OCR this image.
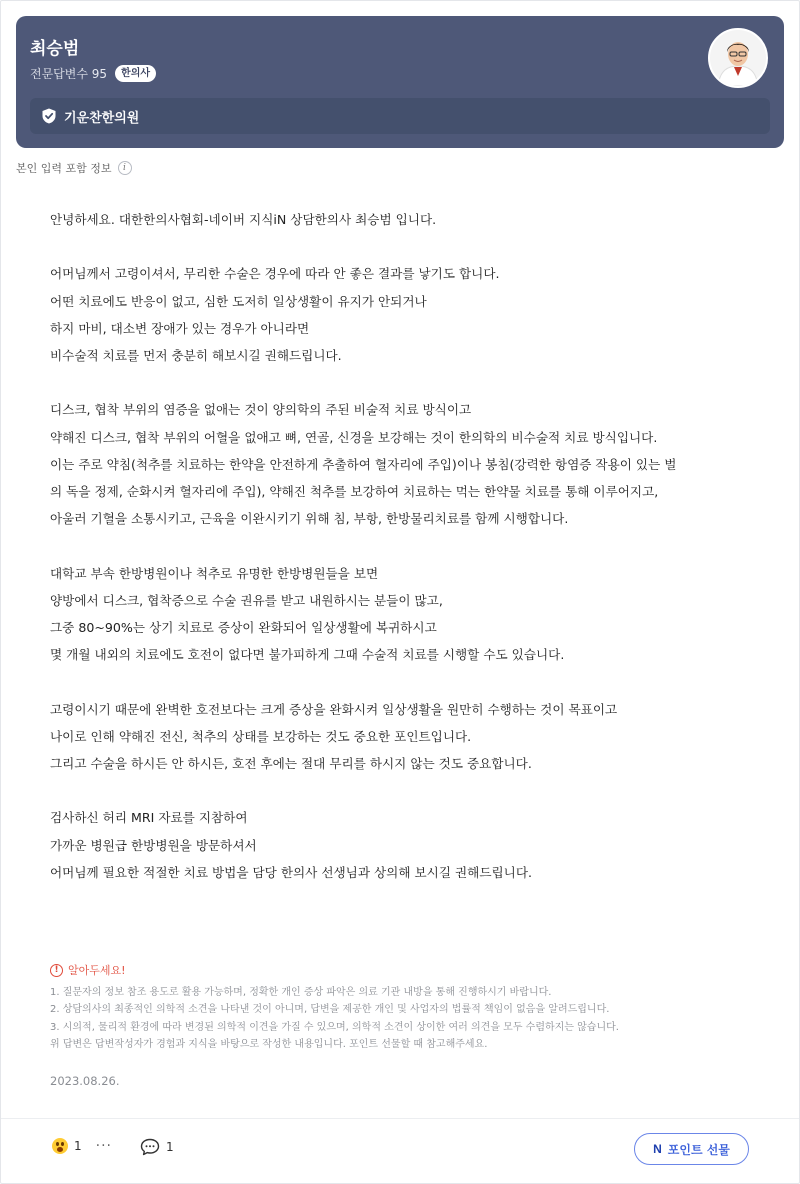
최승범
전문답변수 95	한의사
기운찬한의원
본인 입력 포함 정보	i

안녕하세요. 대한한의사협회-네이버 지식iN 상담한의사 최승범 입니다.

어머님께서 고령이셔서, 무리한 수술은 경우에 따라 안 좋은 결과를 낳기도 합니다.

어떤 치료에도 반응이 없고, 심한 도저히 일상생활이 유지가 안되거나

하지 마비, 대소변 장애가 있는 경우가 아니라면

비수술적 치료를 먼저 충분히 해보시길 권해드립니다.

디스크, 협착 부위의 염증을 없애는 것이 양의학의 주된 비술적 치료 방식이고

약해진 디스크, 협착 부위의 어혈을 없애고 뼈, 연골, 신경을 보강해는 것이 한의학의 비수술적 치료 방식입니다.

이는 주로 약침(척추를 치료하는 한약을 안전하게 추출하여 혈자리에 주입)이나 봉침(강력한 항염증 작용이 있는 벌

의 독을 정제, 순화시켜 혈자리에 주입), 약해진 척추를 보강하여 치료하는 먹는 한약물 치료를 통해 이루어지고,

아울러 기혈을 소통시키고, 근육을 이완시키기 위해 침, 부항, 한방물리치료를 함께 시행합니다.

대학교 부속 한방병원이나 척추로 유명한 한방병원들을 보면

양방에서 디스크, 협착증으로 수술 권유를 받고 내원하시는 분들이 많고,

그중 80~90%는 상기 치료로 증상이 완화되어 일상생활에 복귀하시고

몇 개월 내외의 치료에도 호전이 없다면 불가피하게 그때 수술적 치료를 시행할 수도 있습니다.

고령이시기 때문에 완벽한 호전보다는 크게 증상을 완화시켜 일상생활을 원만히 수행하는 것이 목표이고

나이로 인해 약해진 전신, 척추의 상태를 보강하는 것도 중요한 포인트입니다.

그리고 수술을 하시든 안 하시든, 호전 후에는 절대 무리를 하시지 않는 것도 중요합니다.

검사하신 허리 MRI 자료를 지참하여

가까운 병원급 한방병원을 방문하셔서

어머님께 필요한 적절한 치료 방법을 담당 한의사 선생님과 상의해 보시길 권해드립니다.

! 알아두세요!
1. 질문자의 정보 참조 용도로 활용 가능하며, 정확한 개인 증상 파악은 의료 기관 내방을 통해 진행하시기 바랍니다.
2. 상담의사의 최종적인 의학적 소견을 나타낸 것이 아니며, 답변을 제공한 개인 및 사업자의 법률적 책임이 없음을 알려드립니다.
3. 시의적, 물리적 환경에 따라 변경된 의학적 이견을 가질 수 있으며, 의학적 소견이 상이한 여러 의견을 모두 수렴하지는 않습니다.
위 답변은 답변작성자가 경험과 지식을 바탕으로 작성한 내용입니다. 포인트 선물할 때 참고해주세요.
2023.08.26.
1 ···	1	N 포인트 선물
